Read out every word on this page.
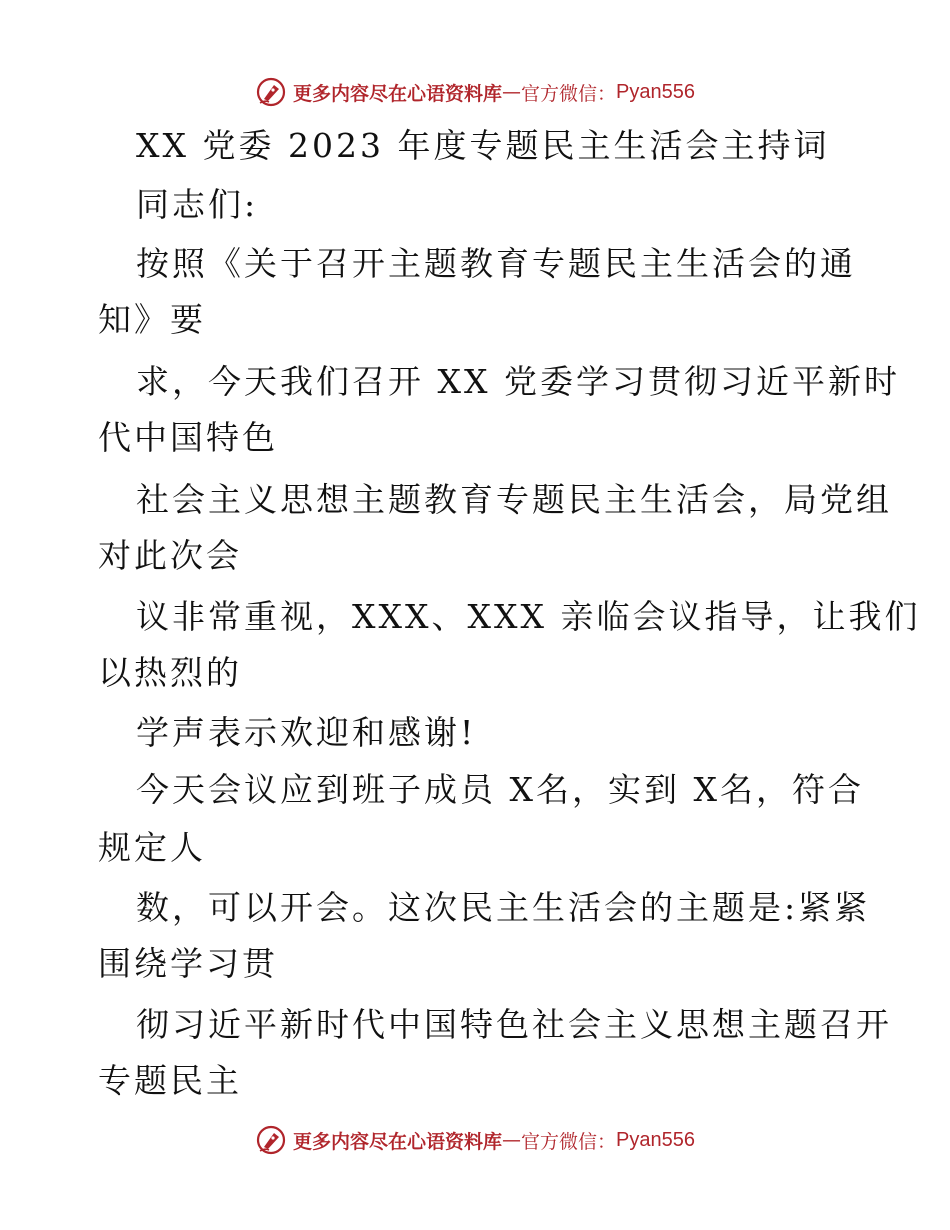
更多内容尽在心语资料库 — 官方微信： Pyan556
XX 党委 2023 年度专题民主生活会主持词
同志们:
按照《关于召开主题教育专题民主生活会的通
知》要
求，今天我们召开 XX 党委学习贯彻习近平新时
代中国特色
社会主义思想主题教育专题民主生活会，局党组
对此次会
议非常重视，XXX、XXX 亲临会议指导，让我们
以热烈的
学声表示欢迎和感谢!
今天会议应到班子成员 X名，实到 X名，符合
规定人
数，可以开会。这次民主生活会的主题是:紧紧
围绕学习贯
彻习近平新时代中国特色社会主义思想主题召开
专题民主
更多内容尽在心语资料库 — 官方微信： Pyan556
